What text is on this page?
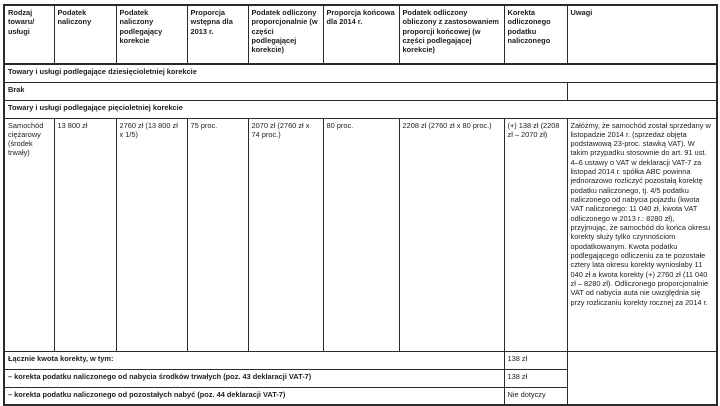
Rodzaj towaru/ usługi	Podatek naliczony	Podatek naliczony podlegający korekcie	Proporcja wstępna dla 2013 r.	Podatek odliczony proporcjonalnie (w części podlegającej korekcie)	Proporcja końcowa dla 2014 r.	Podatek odliczony obliczony z zastosowaniem proporcji końcowej (w części podlegającej korekcie)	Korekta odliczonego podatku naliczonego	Uwagi
Towary i usługi podlegające dziesięcioletniej korekcie								
Brak								
Towary i usługi podlegające pięcioletniej korekcie								
Samochód ciężarowy (środek trwały)	13 800 zł	2760 zł (13 800 zł x 1/5)	75 proc.	2070 zł (2760 zł x 74 proc.)	80 proc.	2208 zł (2760 zł x 80 proc.)	(+) 138 zł (2208 zł – 2070 zł)	Załóżmy, że samochód został sprzedany w listopadzie 2014 r. (sprzedaż objęta podstawową 23-proc. stawką VAT). W takim przypadku stosownie do art. 91 ust. 4–6 ustawy o VAT w deklaracji VAT-7 za listopad 2014 r. spółka ABC powinna jednorazowo rozliczyć pozostałą korektę podatku naliczonego, tj. 4/5 podatku naliczonego od nabycia pojazdu (kwota VAT naliczonego: 11 040 zł, kwota VAT odliczonego w 2013 r.: 8280 zł), przyjmując, że samochód do końca okresu korekty służy tylko czynnościom opodatkowanym. Kwota podatku podlegającego odliczeniu za te pozostałe cztery lata okresu korekty wyniosłaby 11 040 zł a kwota korekty (+) 2760 zł (11 040 zł – 8280 zł). Odliczonego proporcjonalnie VAT od nabycia auta nie uwzględnia się przy rozliczaniu korekty rocznej za 2014 r.
Łącznie kwota korekty, w tym:							138 zł	
– korekta podatku naliczonego od nabycia środków trwałych (poz. 43 deklaracji VAT-7)							138 zł	
– korekta podatku naliczonego od pozostałych nabyć (poz. 44 deklaracji VAT-7)							Nie dotyczy	
